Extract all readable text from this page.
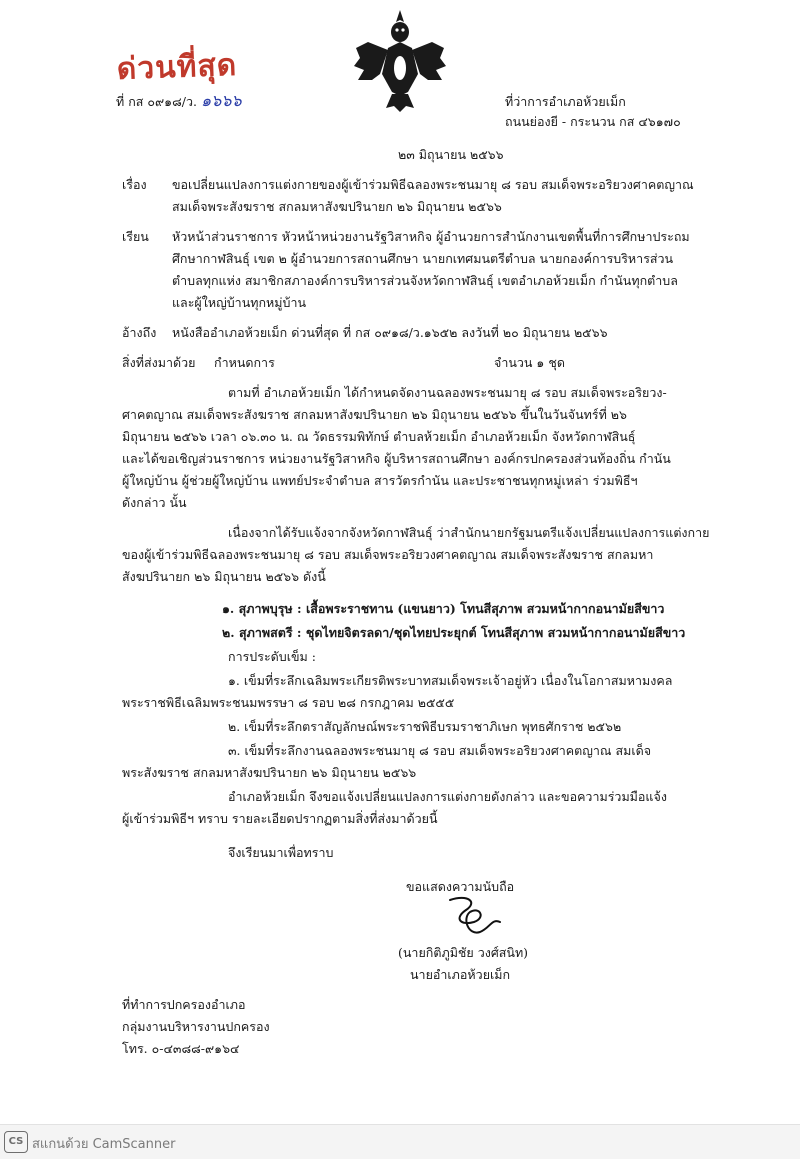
ด่วนที่สุด
ที่ กส ๐๙๑๘/ว. ๑๖๖๖	ที่ว่าการอำเภอห้วยเม็ก
ถนนย่องยี - กระนวน กส ๔๖๑๗๐
๒๓ มิถุนายน ๒๕๖๖
เรื่อง ขอเปลี่ยนแปลงการแต่งกายของผู้เข้าร่วมพิธีฉลองพระชนมายุ ๘ รอบ สมเด็จพระอริยวงศาคตญาณ
สมเด็จพระสังฆราช สกลมหาสังฆปรินายก ๒๖ มิถุนายน ๒๕๖๖
เรียน หัวหน้าส่วนราชการ หัวหน้าหน่วยงานรัฐวิสาหกิจ ผู้อำนวยการสำนักงานเขตพื้นที่การศึกษาประถม
ศึกษากาฬสินธุ์ เขต ๒ ผู้อำนวยการสถานศึกษา นายกเทศมนตรีตำบล นายกองค์การบริหารส่วน
ตำบลทุกแห่ง สมาชิกสภาองค์การบริหารส่วนจังหวัดกาฬสินธุ์ เขตอำเภอห้วยเม็ก กำนันทุกตำบล
และผู้ใหญ่บ้านทุกหมู่บ้าน
อ้างถึง หนังสืออำเภอห้วยเม็ก ด่วนที่สุด ที่ กส ๐๙๑๘/ว.๑๖๕๒ ลงวันที่ ๒๐ มิถุนายน ๒๕๖๖
สิ่งที่ส่งมาด้วย กำหนดการ	จำนวน ๑ ชุด
ตามที่ อำเภอห้วยเม็ก ได้กำหนดจัดงานฉลองพระชนมายุ ๘ รอบ สมเด็จพระอริยวง-
ศาคตญาณ สมเด็จพระสังฆราช สกลมหาสังฆปรินายก ๒๖ มิถุนายน ๒๕๖๖ ขึ้นในวันจันทร์ที่ ๒๖
มิถุนายน ๒๕๖๖ เวลา ๐๖.๓๐ น. ณ วัดธรรมพิทักษ์ ตำบลห้วยเม็ก อำเภอห้วยเม็ก จังหวัดกาฬสินธุ์
และได้ขอเชิญส่วนราชการ หน่วยงานรัฐวิสาหกิจ ผู้บริหารสถานศึกษา องค์กรปกครองส่วนท้องถิ่น กำนัน
ผู้ใหญ่บ้าน ผู้ช่วยผู้ใหญ่บ้าน แพทย์ประจำตำบล สารวัตรกำนัน และประชาชนทุกหมู่เหล่า ร่วมพิธีฯ
ดังกล่าว นั้น
เนื่องจากได้รับแจ้งจากจังหวัดกาฬสินธุ์ ว่าสำนักนายกรัฐมนตรีแจ้งเปลี่ยนแปลงการแต่งกาย
ของผู้เข้าร่วมพิธีฉลองพระชนมายุ ๘ รอบ สมเด็จพระอริยวงศาคตญาณ สมเด็จพระสังฆราช สกลมหา
สังฆปรินายก ๒๖ มิถุนายน ๒๕๖๖ ดังนี้
๑. สุภาพบุรุษ : เสื้อพระราชทาน (แขนยาว) โทนสีสุภาพ สวมหน้ากากอนามัยสีขาว
๒. สุภาพสตรี : ชุดไทยจิตรลดา/ชุดไทยประยุกต์ โทนสีสุภาพ สวมหน้ากากอนามัยสีขาว
การประดับเข็ม :
๑. เข็มที่ระลึกเฉลิมพระเกียรติพระบาทสมเด็จพระเจ้าอยู่หัว เนื่องในโอกาสมหามงคล
พระราชพิธีเฉลิมพระชนมพรรษา ๘ รอบ ๒๘ กรกฎาคม ๒๕๕๕
๒. เข็มที่ระลึกตราสัญลักษณ์พระราชพิธีบรมราชาภิเษก พุทธศักราช ๒๕๖๒
๓. เข็มที่ระลึกงานฉลองพระชนมายุ ๘ รอบ สมเด็จพระอริยวงศาคตญาณ สมเด็จ
พระสังฆราช สกลมหาสังฆปรินายก ๒๖ มิถุนายน ๒๕๖๖
อำเภอห้วยเม็ก จึงขอแจ้งเปลี่ยนแปลงการแต่งกายดังกล่าว และขอความร่วมมือแจ้ง
ผู้เข้าร่วมพิธีฯ ทราบ รายละเอียดปรากฏตามสิ่งที่ส่งมาด้วยนี้
จึงเรียนมาเพื่อทราบ
ขอแสดงความนับถือ
(นายกิติภูมิชัย วงศ์สนิท)
นายอำเภอห้วยเม็ก
ที่ทำการปกครองอำเภอ
กลุ่มงานบริหารงานปกครอง
โทร. ๐-๔๓๘๘-๙๑๖๔
CS สแกนด้วย CamScanner
